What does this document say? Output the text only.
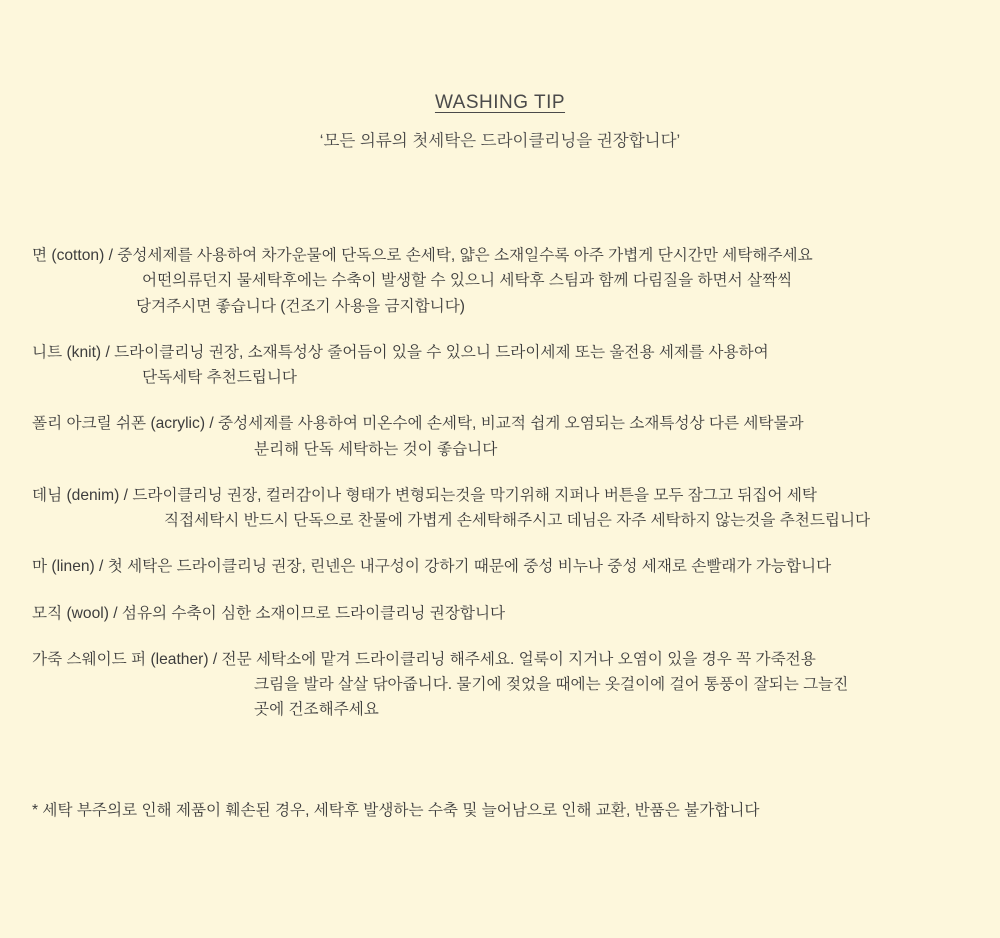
WASHING TIP
‘모든 의류의 첫세탁은 드라이클리닝을 권장합니다’
면 (cotton) / 중성세제를 사용하여 차가운물에 단독으로 손세탁, 얇은 소재일수록 아주 가볍게 단시간만 세탁해주세요
어떤의류던지 물세탁후에는 수축이 발생할 수 있으니 세탁후 스팀과 함께 다림질을 하면서 살짝씩
당겨주시면 좋습니다 (건조기 사용을 금지합니다)
니트 (knit) / 드라이클리닝 권장, 소재특성상 줄어듬이 있을 수 있으니 드라이세제 또는 울전용 세제를 사용하여
단독세탁 추천드립니다
폴리 아크릴 쉬폰 (acrylic) / 중성세제를 사용하여 미온수에 손세탁, 비교적 쉽게 오염되는 소재특성상 다른 세탁물과
분리해 단독 세탁하는 것이 좋습니다
데님 (denim) / 드라이클리닝 권장, 컬러감이나 형태가 변형되는것을 막기위해 지퍼나 버튼을 모두 잠그고 뒤집어 세탁
직접세탁시 반드시 단독으로 찬물에 가볍게 손세탁해주시고 데님은 자주 세탁하지 않는것을 추천드립니다
마 (linen) / 첫 세탁은 드라이클리닝 권장, 린넨은 내구성이 강하기 때문에 중성 비누나 중성 세재로 손빨래가 가능합니다
모직 (wool) / 섬유의 수축이 심한 소재이므로 드라이클리닝 권장합니다
가죽 스웨이드 퍼 (leather) / 전문 세탁소에 맡겨 드라이클리닝 해주세요. 얼룩이 지거나 오염이 있을 경우 꼭 가죽전용
크림을 발라 살살 닦아줍니다. 물기에 젖었을 때에는 옷걸이에 걸어 통풍이 잘되는 그늘진
곳에 건조해주세요
* 세탁 부주의로 인해 제품이 훼손된 경우, 세탁후 발생하는 수축 및 늘어남으로 인해 교환, 반품은 불가합니다
